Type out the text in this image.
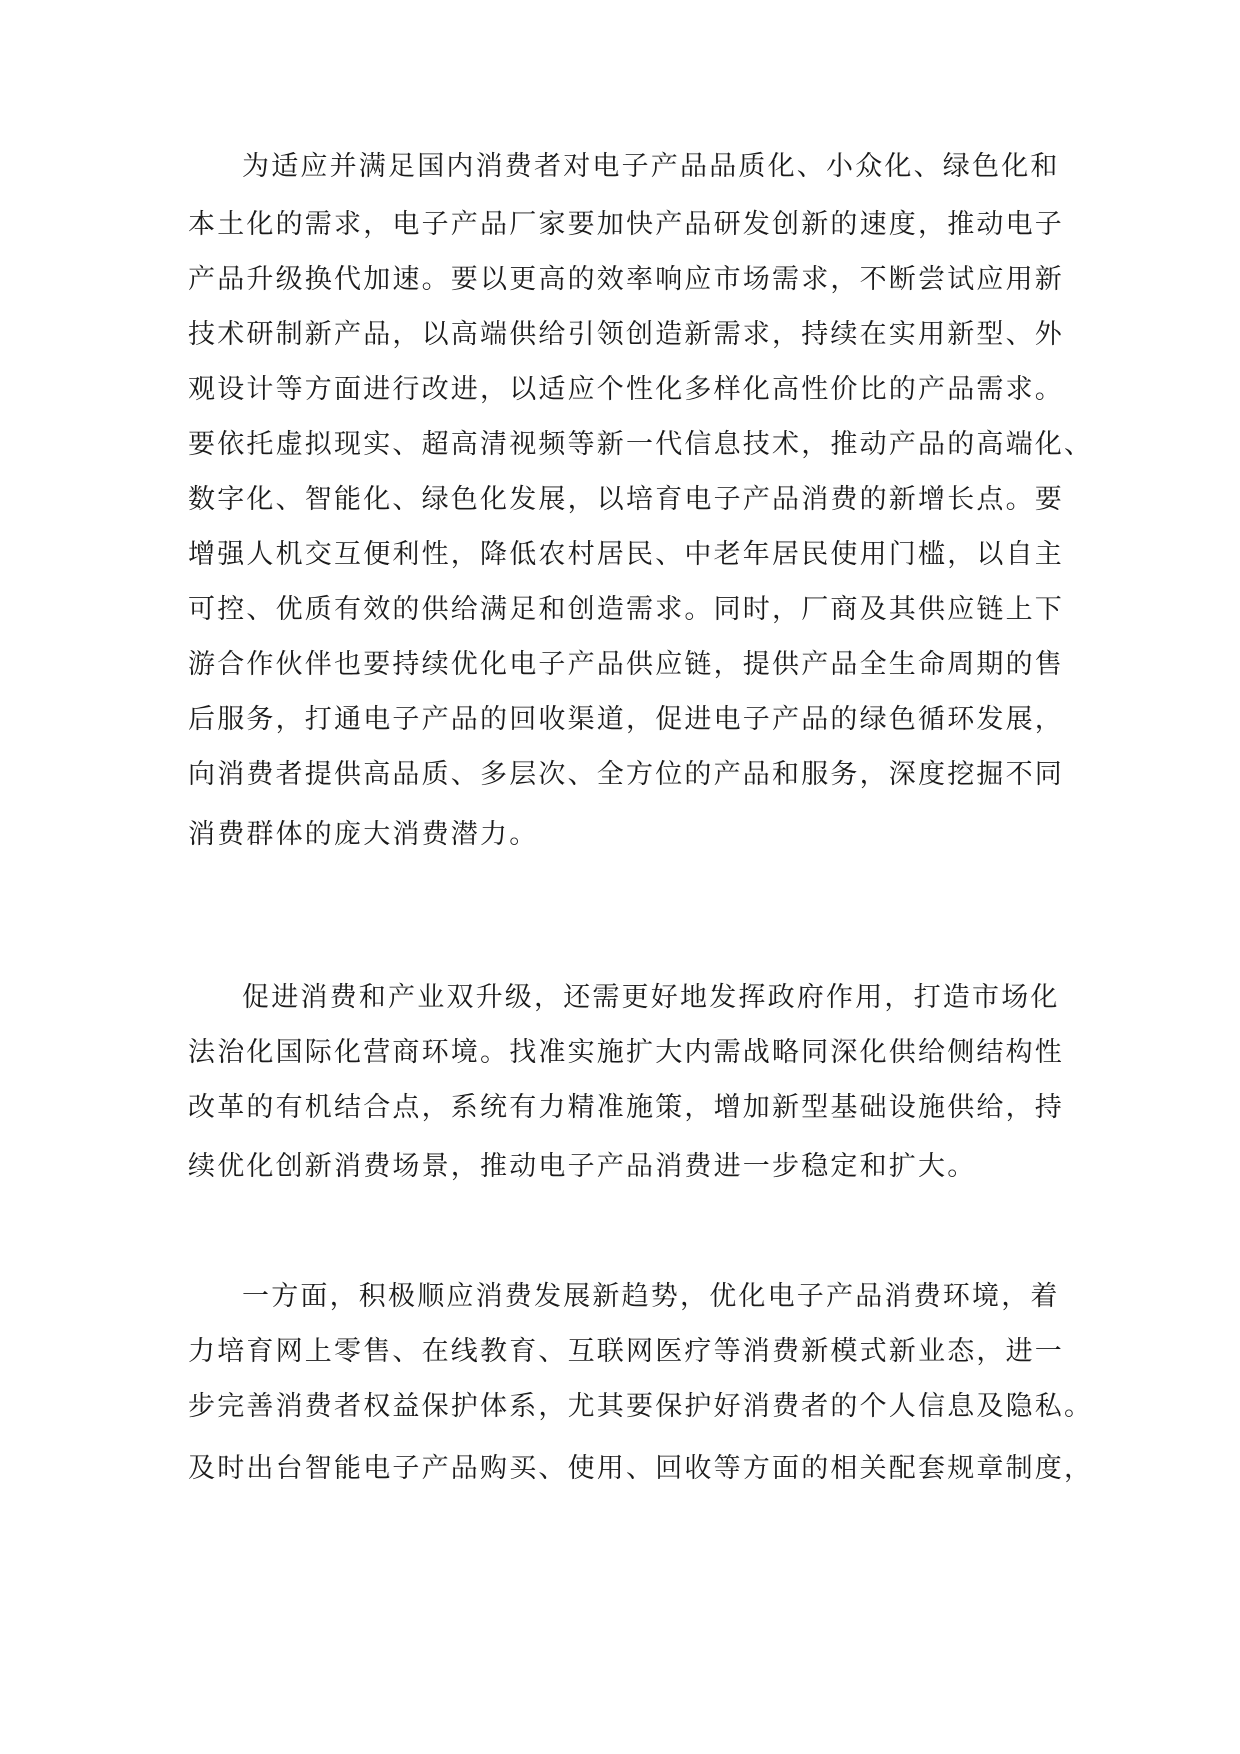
为适应并满足国内消费者对电子产品品质化、小众化、绿色化和
本土化的需求，电子产品厂家要加快产品研发创新的速度，推动电子
产品升级换代加速。要以更高的效率响应市场需求，不断尝试应用新
技术研制新产品，以高端供给引领创造新需求，持续在实用新型、外
观设计等方面进行改进，以适应个性化多样化高性价比的产品需求。
要依托虚拟现实、超高清视频等新一代信息技术，推动产品的高端化、
数字化、智能化、绿色化发展，以培育电子产品消费的新增长点。要
增强人机交互便利性，降低农村居民、中老年居民使用门槛，以自主
可控、优质有效的供给满足和创造需求。同时，厂商及其供应链上下
游合作伙伴也要持续优化电子产品供应链，提供产品全生命周期的售
后服务，打通电子产品的回收渠道，促进电子产品的绿色循环发展，
向消费者提供高品质、多层次、全方位的产品和服务，深度挖掘不同
消费群体的庞大消费潜力。
促进消费和产业双升级，还需更好地发挥政府作用，打造市场化
法治化国际化营商环境。找准实施扩大内需战略同深化供给侧结构性
改革的有机结合点，系统有力精准施策，增加新型基础设施供给，持
续优化创新消费场景，推动电子产品消费进一步稳定和扩大。
一方面，积极顺应消费发展新趋势，优化电子产品消费环境，着
力培育网上零售、在线教育、互联网医疗等消费新模式新业态，进一
步完善消费者权益保护体系，尤其要保护好消费者的个人信息及隐私。
及时出台智能电子产品购买、使用、回收等方面的相关配套规章制度，
